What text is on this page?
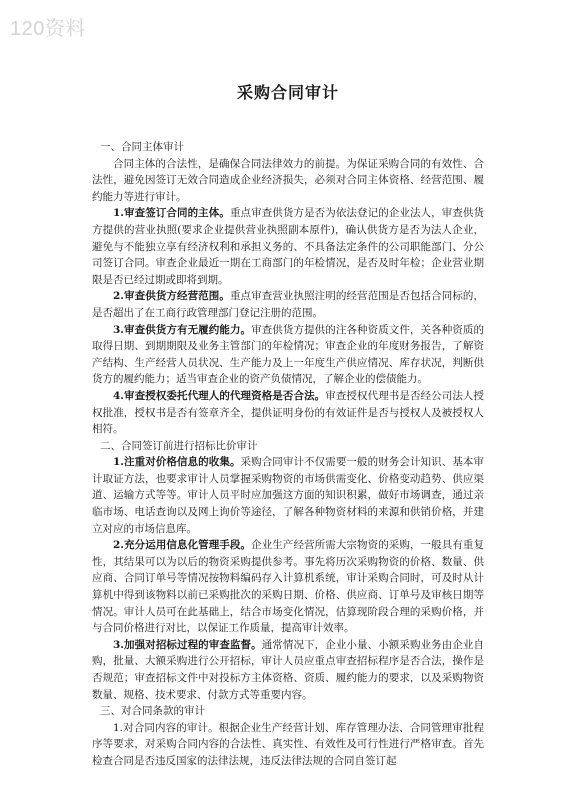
120资料
采购合同审计

一、合同主体审计

合同主体的合法性，是确保合同法律效力的前提。为保证采购合同的有效性、合法性，避免因签订无效合同造成企业经济损失，必须对合同主体资格、经营范围、履约能力等进行审计。

1.审查签订合同的主体。重点审查供货方是否为依法登记的企业法人，审查供货方提供的营业执照(要求企业提供营业执照副本原件)，确认供货方是否为法人企业，避免与不能独立享有经济权利和承担义务的、不具备法定条件的公司职能部门、分公司签订合同。审查企业最近一期在工商部门的年检情况，是否及时年检；企业营业期限是否已经过期或即将到期。

2.审查供货方经营范围。重点审查营业执照注明的经营范围是否包括合同标的，是否超出了在工商行政管理部门登记注册的范围。

3.审查供货方有无履约能力。审查供货方提供的注各种资质文件，关各种资质的取得日期、到期期限及业务主管部门的年检情况；审查企业的年度财务报告，了解资产结构、生产经营人员状况、生产能力及上一年度生产供应情况、库存状况，判断供货方的履约能力；适当审查企业的资产负债情况，了解企业的偿债能力。

4.审查授权委托代理人的代理资格是否合法。审查授权代理书是否经公司法人授权批准，授权书是否有签章齐全，提供证明身份的有效证件是否与授权人及被授权人相符。

二、合同签订前进行招标比价审计

1.注重对价格信息的收集。采购合同审计不仅需要一般的财务会计知识、基本审计取证方法，也要求审计人员掌握采购物资的市场供需变化、价格变动趋势、供应渠道、运输方式等等。审计人员平时应加强这方面的知识积累，做好市场调查，通过亲临市场、电话查询以及网上询价等途径，了解各种物资材料的来源和供销价格，并建立对应的市场信息库。

2.充分运用信息化管理手段。企业生产经营所需大宗物资的采购，一般具有重复性，其结果可以为以后的物资采购提供参考。事先将历次采购物资的价格、数量、供应商、合同订单号等情况按物料编码存入计算机系统，审计采购合同时，可及时从计算机中得到该物料以前已采购批次的采购日期、价格、供应商、订单号及审核日期等情况。审计人员可在此基础上，结合市场变化情况，估算现阶段合理的采购价格，并与合同价格进行对比，以保证工作质量，提高审计效率。

3.加强对招标过程的审查监督。通常情况下，企业小量、小额采购业务由企业自购，批量、大额采购进行公开招标，审计人员应重点审查招标程序是否合法，操作是否规范；审查招标文件中对投标方主体资格、资质、履约能力的要求，以及采购物资数量、规格、技术要求、付款方式等重要内容。

三、对合同条款的审计

1.对合同内容的审计。根据企业生产经营计划、库存管理办法、合同管理审批程序等要求，对采购合同内容的合法性、真实性、有效性及可行性进行严格审查。首先检查合同是否违反国家的法律法规，违反法律法规的合同自签订起
